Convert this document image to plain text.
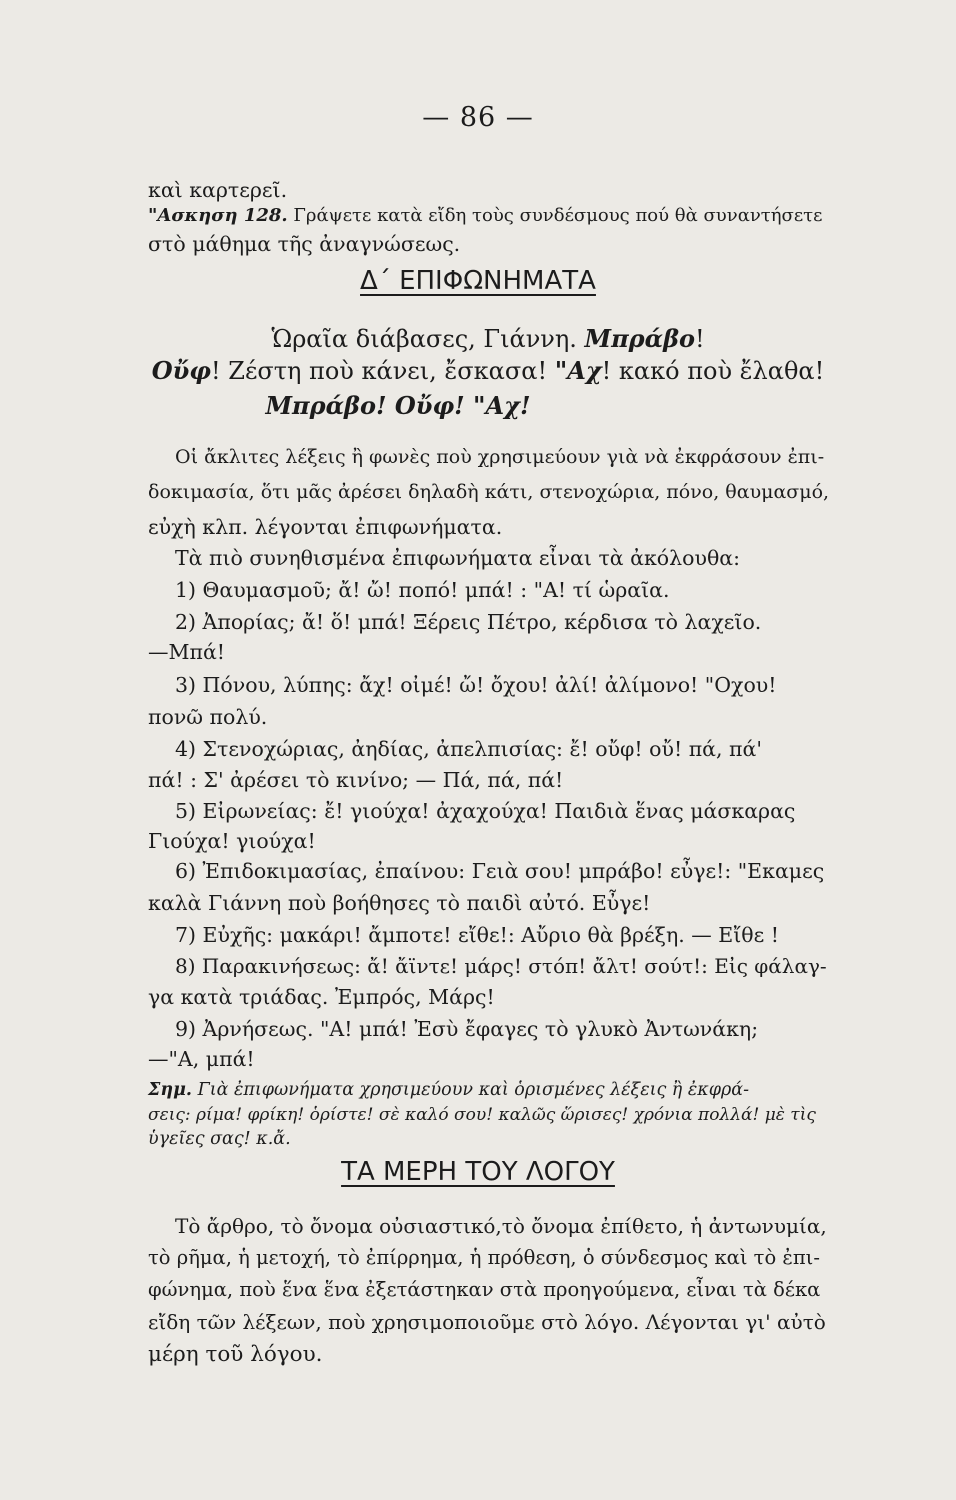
— 86 —
καὶ καρτερεῖ.
"Ασκηση 128. Γράψετε κατὰ εἴδη τοὺς συνδέσμους πού θὰ συναντήσετε
στὸ μάθημα τῆς ἀναγνώσεως.
Δ΄ ΕΠΙΦΩΝΗΜΑΤΑ
Ὡραῖα διάβασες, Γιάννη. Μπράβο!
Οὔφ! Ζέστη ποὺ κάνει, ἔσκασα! "Αχ! κακό ποὺ ἔλαθα!
Μπράβο! Οὔφ! "Αχ!
Οἱ ἄκλιτες λέξεις ἢ φωνὲς ποὺ χρησιμεύουν γιὰ νὰ ἐκφράσουν ἐπι-
δοκιμασία, ὅτι μᾶς ἀρέσει δηλαδὴ κάτι, στενοχώρια, πόνο, θαυμασμό,
εὐχὴ κλπ. λέγονται ἐπιφωνήματα.
Τὰ πιὸ συνηθισμένα ἐπιφωνήματα εἶναι τὰ ἀκόλουθα:
1) Θαυμασμοῦ; ἄ! ὤ! ποπό! μπά! : "Α! τί ὡραῖα.
2) Ἀπορίας; ἄ! ὅ! μπά! Ξέρεις Πέτρο, κέρδισα τὸ λαχεῖο.
—Μπά!
3) Πόνου, λύπης: ἄχ! οἰμέ! ὤ! ὄχου! ἀλί! ἀλίμονο! "Οχου!
πονῶ πολύ.
4) Στενοχώριας, ἀηδίας, ἀπελπισίας: ἔ! οὔφ! οὔ! πά, πά'
πά! : Σ' ἀρέσει τὸ κινίνο; — Πά, πά, πά!
5) Εἰρωνείας: ἔ! γιούχα! ἀχαχούχα! Παιδιὰ ἕνας μάσκαρας
Γιούχα! γιούχα!
6) Ἐπιδοκιμασίας, ἐπαίνου: Γειὰ σου! μπράβο! εὖγε!: "Εκαμες
καλὰ Γιάννη ποὺ βοήθησες τὸ παιδὶ αὐτό. Εὖγε!
7) Εὐχῆς: μακάρι! ἄμποτε! εἴθε!: Αὔριο θὰ βρέξη. — Εἴθε !
8) Παρακινήσεως: ἄ! ἄϊντε! μάρς! στόπ! ἄλτ! σούτ!: Εἰς φάλαγ-
γα κατὰ τριάδας. Ἐμπρός, Μάρς!
9) Ἀρνήσεως. "Α! μπά! Ἐσὺ ἔφαγες τὸ γλυκὸ Ἀντωνάκη;
—"Α, μπά!
Σημ. Γιὰ ἐπιφωνήματα χρησιμεύουν καὶ ὁρισμένες λέξεις ἢ ἐκφρά-
σεις: ρίμα! φρίκη! ὁρίστε! σὲ καλό σου! καλῶς ὥρισες! χρόνια πολλά! μὲ τὶς
ὑγεῖες σας! κ.ἄ.
ΤΑ ΜΕΡΗ ΤΟΥ ΛΟΓΟΥ
Τὸ ἄρθρο, τὸ ὄνομα οὐσιαστικό,τὸ ὄνομα ἐπίθετο, ἡ ἀντωνυμία,
τὸ ρῆμα, ἡ μετοχή, τὸ ἐπίρρημα, ἡ πρόθεση, ὁ σύνδεσμος καὶ τὸ ἐπι-
φώνημα, ποὺ ἕνα ἕνα ἐξετάστηκαν στὰ προηγούμενα, εἶναι τὰ δέκα
εἴδη τῶν λέξεων, ποὺ χρησιμοποιοῦμε στὸ λόγο. Λέγονται γι' αὐτὸ
μέρη τοῦ λόγου.
